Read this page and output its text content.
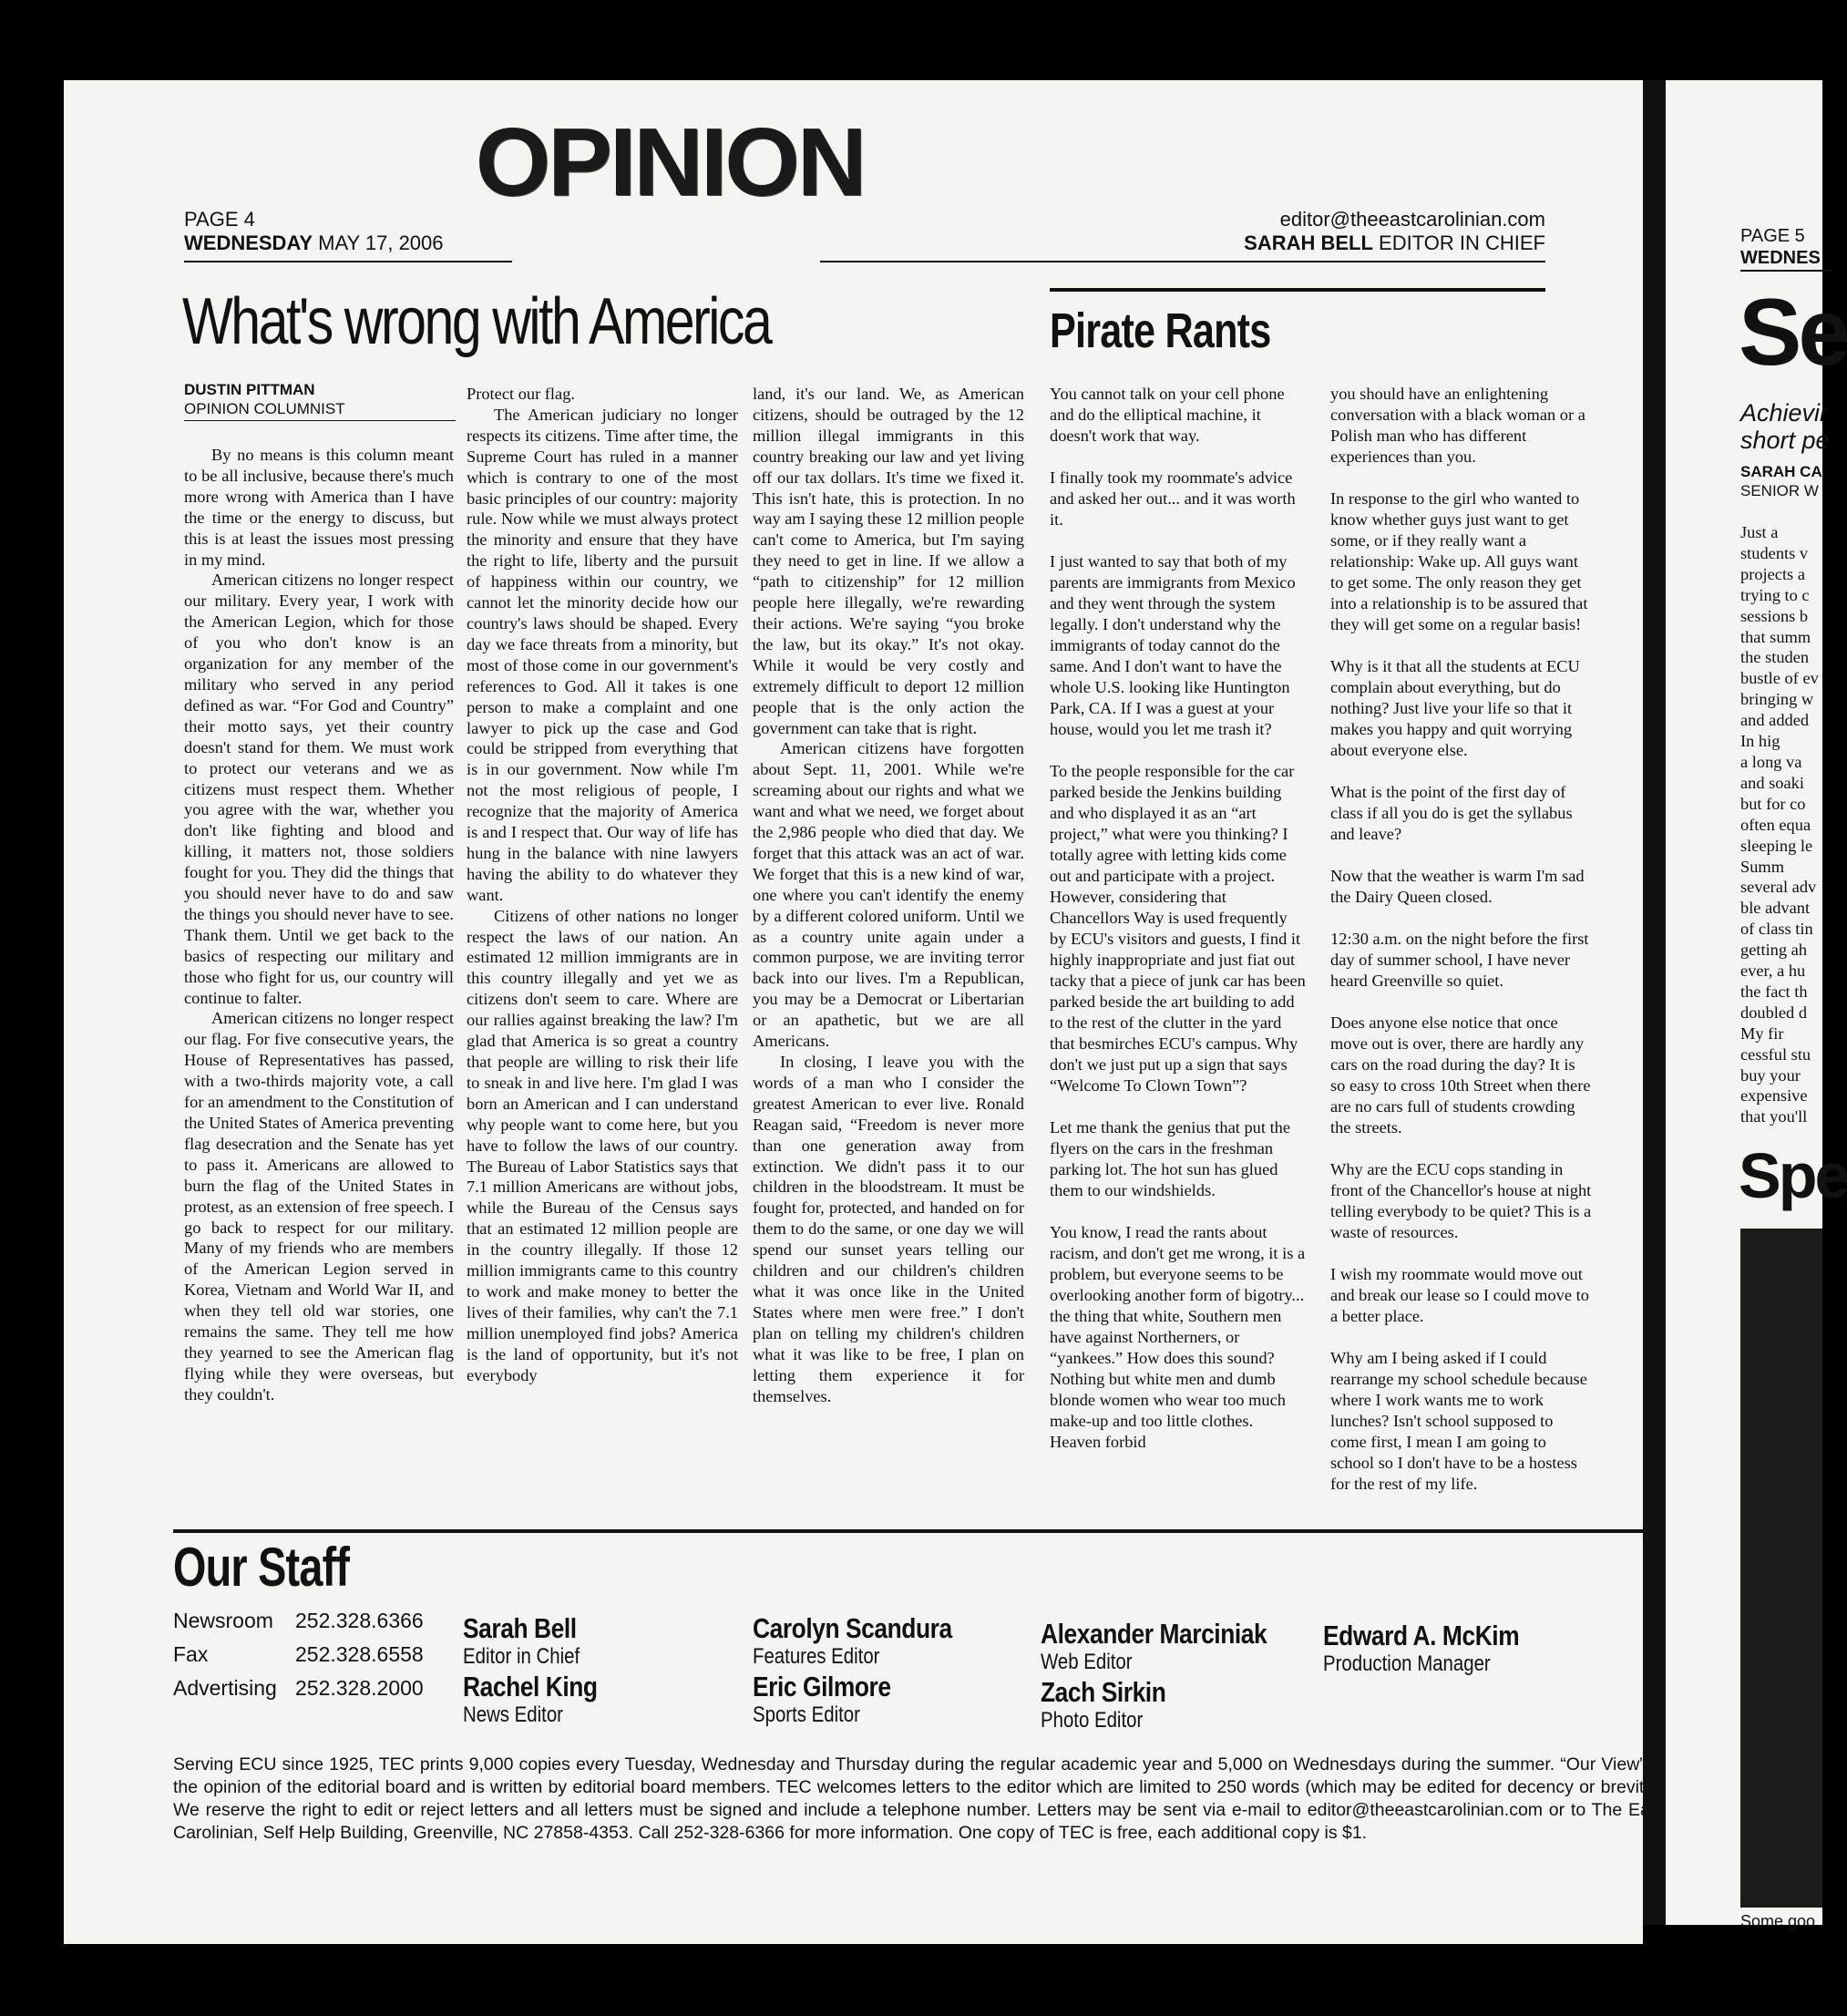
PAGE 4
WEDNESDAY MAY 17, 2006
OPINION
editor@theeastcarolinian.com
SARAH BELL EDITOR IN CHIEF
What's wrong with America
DUSTIN PITTMAN
OPINION COLUMNIST

By no means is this column meant to be all inclusive, because there's much more wrong with America than I have the time or the energy to discuss, but this is at least the issues most pressing in my mind.

American citizens no longer respect our military. Every year, I work with the American Legion, which for those of you who don't know is an organization for any member of the military who served in any period defined as war. “For God and Country” their motto says, yet their country doesn't stand for them. We must work to protect our veterans and we as citizens must respect them. Whether you agree with the war, whether you don't like fighting and blood and killing, it matters not, those soldiers fought for you. They did the things that you should never have to do and saw the things you should never have to see. Thank them. Until we get back to the basics of respecting our military and those who fight for us, our country will continue to falter.

American citizens no longer respect our flag. For five consecutive years, the House of Representatives has passed, with a two-thirds majority vote, a call for an amendment to the Constitution of the United States of America preventing flag desecration and the Senate has yet to pass it. Americans are allowed to burn the flag of the United States in protest, as an extension of free speech. I go back to respect for our military. Many of my friends who are members of the American Legion served in Korea, Vietnam and World War II, and when they tell old war stories, one remains the same. They tell me how they yearned to see the American flag flying while they were overseas, but they couldn't.

Protect our flag.

The American judiciary no longer respects its citizens. Time after time, the Supreme Court has ruled in a manner which is contrary to one of the most basic principles of our country: majority rule. Now while we must always protect the minority and ensure that they have the right to life, liberty and the pursuit of happiness within our country, we cannot let the minority decide how our country's laws should be shaped. Every day we face threats from a minority, but most of those come in our government's references to God. All it takes is one person to make a complaint and one lawyer to pick up the case and God could be stripped from everything that is in our government. Now while I'm not the most religious of people, I recognize that the majority of America is and I respect that. Our way of life has hung in the balance with nine lawyers having the ability to do whatever they want.

Citizens of other nations no longer respect the laws of our nation. An estimated 12 million immigrants are in this country illegally and yet we as citizens don't seem to care. Where are our rallies against breaking the law? I'm glad that America is so great a country that people are willing to risk their life to sneak in and live here. I'm glad I was born an American and I can understand why people want to come here, but you have to follow the laws of our country. The Bureau of Labor Statistics says that 7.1 million Americans are without jobs, while the Bureau of the Census says that an estimated 12 million people are in the country illegally. If those 12 million immigrants came to this country to work and make money to better the lives of their families, why can't the 7.1 million unemployed find jobs? America is the land of opportunity, but it's not everybody

land, it's our land. We, as American citizens, should be outraged by the 12 million illegal immigrants in this country breaking our law and yet living off our tax dollars. It's time we fixed it. This isn't hate, this is protection. In no way am I saying these 12 million people can't come to America, but I'm saying they need to get in line. If we allow a “path to citizenship” for 12 million people here illegally, we're rewarding their actions. We're saying “you broke the law, but its okay.” It's not okay. While it would be very costly and extremely difficult to deport 12 million people that is the only action the government can take that is right.

American citizens have forgotten about Sept. 11, 2001. While we're screaming about our rights and what we want and what we need, we forget about the 2,986 people who died that day. We forget that this attack was an act of war. We forget that this is a new kind of war, one where you can't identify the enemy by a different colored uniform. Until we as a country unite again under a common purpose, we are inviting terror back into our lives. I'm a Republican, you may be a Democrat or Libertarian or an apathetic, but we are all Americans.

In closing, I leave you with the words of a man who I consider the greatest American to ever live. Ronald Reagan said, “Freedom is never more than one generation away from extinction. We didn't pass it to our children in the bloodstream. It must be fought for, protected, and handed on for them to do the same, or one day we will spend our sunset years telling our children and our children's children what it was once like in the United States where men were free.” I don't plan on telling my children's children what it was like to be free, I plan on letting them experience it for themselves.

Pirate Rants

You cannot talk on your cell phone and do the elliptical machine, it doesn't work that way.

I finally took my roommate's advice and asked her out... and it was worth it.

I just wanted to say that both of my parents are immigrants from Mexico and they went through the system legally. I don't understand why the immigrants of today cannot do the same. And I don't want to have the whole U.S. looking like Huntington Park, CA. If I was a guest at your house, would you let me trash it?

To the people responsible for the car parked beside the Jenkins building and who displayed it as an “art project,” what were you thinking? I totally agree with letting kids come out and participate with a project. However, considering that Chancellors Way is used frequently by ECU's visitors and guests, I find it highly inappropriate and just fiat out tacky that a piece of junk car has been parked beside the art building to add to the rest of the clutter in the yard that besmirches ECU's campus. Why don't we just put up a sign that says “Welcome To Clown Town”?

Let me thank the genius that put the flyers on the cars in the freshman parking lot. The hot sun has glued them to our windshields.

You know, I read the rants about racism, and don't get me wrong, it is a problem, but everyone seems to be overlooking another form of bigotry... the thing that white, Southern men have against Northerners, or “yankees.” How does this sound? Nothing but white men and dumb blonde women who wear too much make-up and too little clothes. Heaven forbid

you should have an enlightening conversation with a black woman or a Polish man who has different experiences than you.

In response to the girl who wanted to know whether guys just want to get some, or if they really want a relationship: Wake up. All guys want to get some. The only reason they get into a relationship is to be assured that they will get some on a regular basis!

Why is it that all the students at ECU complain about everything, but do nothing? Just live your life so that it makes you happy and quit worrying about everyone else.

What is the point of the first day of class if all you do is get the syllabus and leave?

Now that the weather is warm I'm sad the Dairy Queen closed.

12:30 a.m. on the night before the first day of summer school, I have never heard Greenville so quiet.

Does anyone else notice that once move out is over, there are hardly any cars on the road during the day? It is so easy to cross 10th Street when there are no cars full of students crowding the streets.

Why are the ECU cops standing in front of the Chancellor's house at night telling everybody to be quiet? This is a waste of resources.

I wish my roommate would move out and break our lease so I could move to a better place.

Why am I being asked if I could rearrange my school schedule because where I work wants me to work lunches? Isn't school supposed to come first, I mean I am going to school so I don't have to be a hostess for the rest of my life.

Our Staff
Newsroom 252.328.6366
Fax	252.328.6558
Advertising 252.328.2000
Sarah Bell
Editor in Chief
Rachel King
News Editor
Carolyn Scandura
Features Editor
Eric Gilmore
Sports Editor
Alexander Marciniak
Web Editor
Zach Sirkin
Photo Editor
Edward A. McKim
Production Manager
Serving ECU since 1925, TEC prints 9,000 copies every Tuesday, Wednesday and Thursday during the regular academic year and 5,000 on Wednesdays during the summer. “Our View” is the opinion of the editorial board and is written by editorial board members. TEC welcomes letters to the editor which are limited to 250 words (which may be edited for decency or brevity). We reserve the right to edit or reject letters and all letters must be signed and include a telephone number. Letters may be sent via e-mail to editor@theeastcarolinian.com or to The East Carolinian, Self Help Building, Greenville, NC 27858-4353. Call 252-328-6366 for more information. One copy of TEC is free, each additional copy is $1.
PAGE 5
WEDNES
Se
Achievir
short pe
SARAH CA
SENIOR W
Just a
students v
projects a
trying to c
sessions b
that summ
the studen
bustle of ev
bringing w
and added
In hig
a long va
and soaki
but for co
often equa
sleeping le
Summ
several adv
ble advant
of class tin
getting ah
ever, a hu
the fact th
doubled d
My fir
cessful stu
buy your
expensive
that you'll
Spe
Some goo
